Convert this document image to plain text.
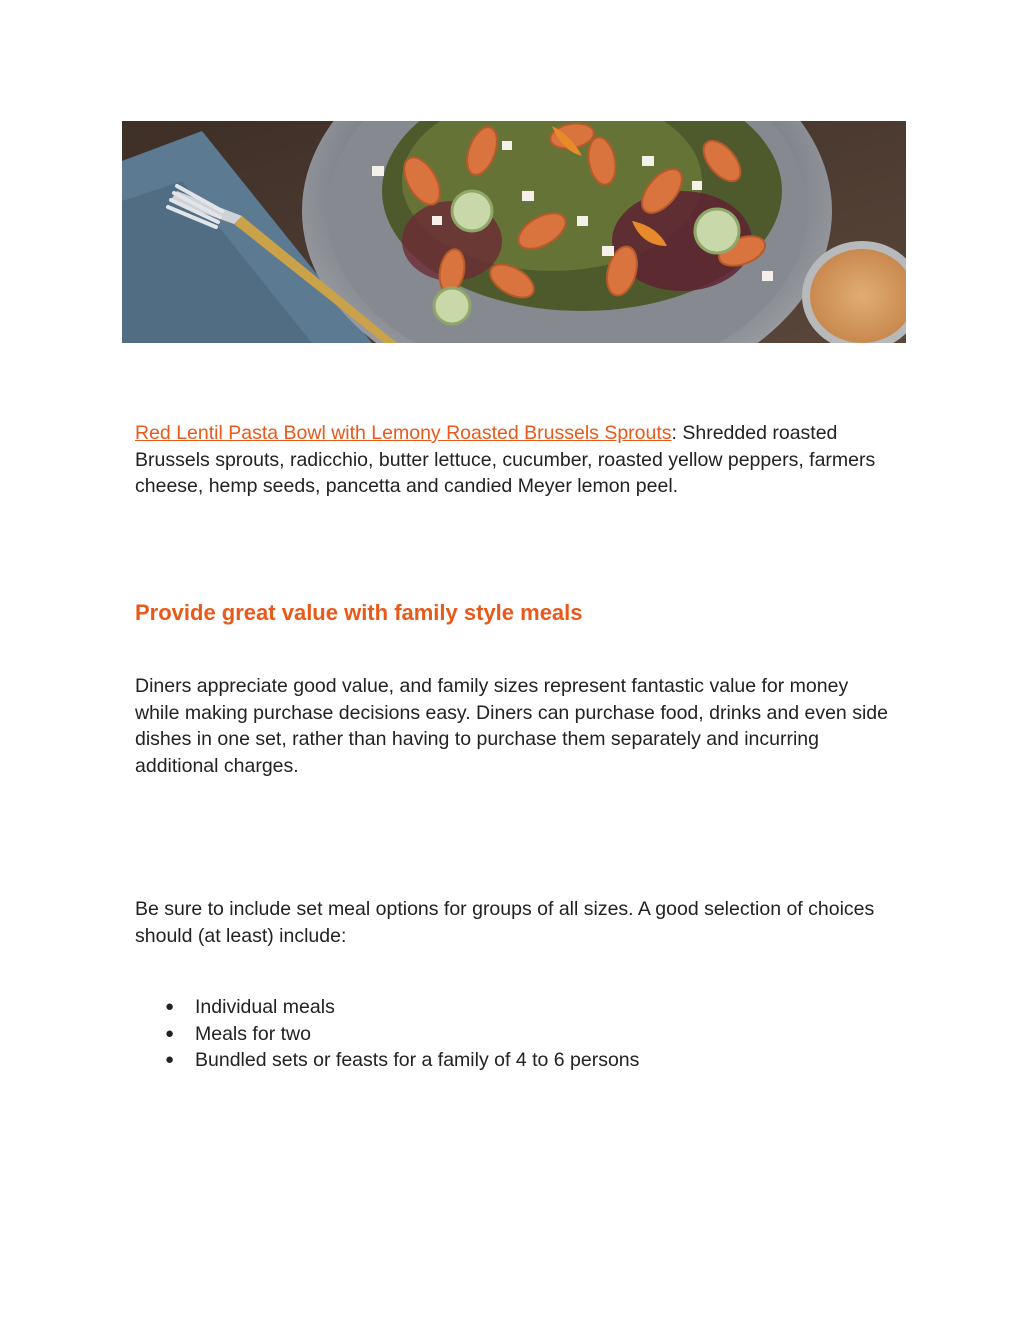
Red Lentil Pasta Bowl with Lemony Roasted Brussels Sprouts: Shredded roasted Brussels sprouts, radicchio, butter lettuce, cucumber, roasted yellow peppers, farmers cheese, hemp seeds, pancetta and candied Meyer lemon peel.

Provide great value with family style meals

Diners appreciate good value, and family sizes represent fantastic value for money while making purchase decisions easy. Diners can purchase food, drinks and even side dishes in one set, rather than having to purchase them separately and incurring additional charges.

Be sure to include set meal options for groups of all sizes. A good selection of choices should (at least) include:

● Individual meals
● Meals for two
● Bundled sets or feasts for a family of 4 to 6 persons
